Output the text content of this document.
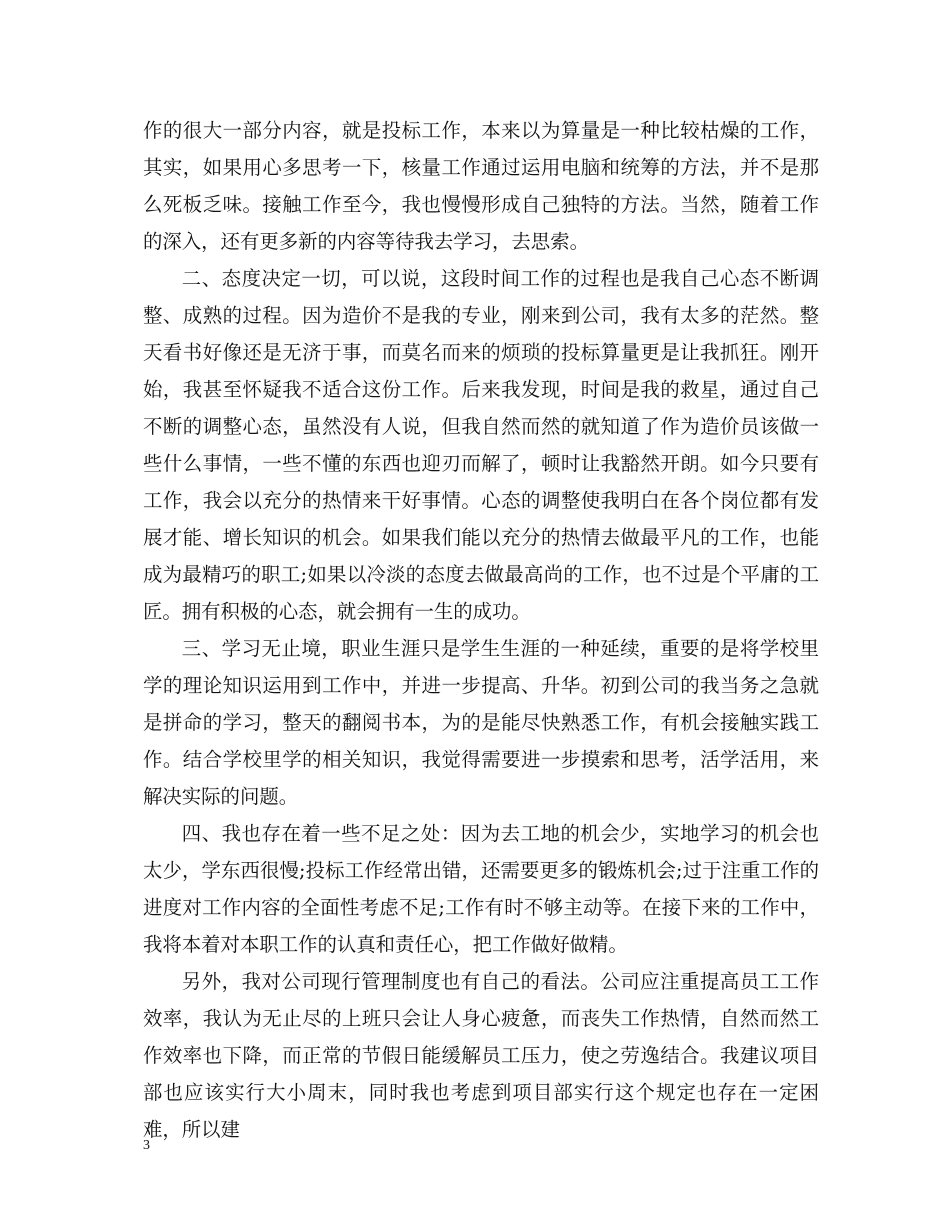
作的很大一部分内容，就是投标工作，本来以为算量是一种比较枯燥的工作，其实，如果用心多思考一下，核量工作通过运用电脑和统筹的方法，并不是那么死板乏味。接触工作至今，我也慢慢形成自己独特的方法。当然，随着工作的深入，还有更多新的内容等待我去学习，去思索。

二、态度决定一切，可以说，这段时间工作的过程也是我自己心态不断调整、成熟的过程。因为造价不是我的专业，刚来到公司，我有太多的茫然。整天看书好像还是无济于事，而莫名而来的烦琐的投标算量更是让我抓狂。刚开始，我甚至怀疑我不适合这份工作。后来我发现，时间是我的救星，通过自己不断的调整心态，虽然没有人说，但我自然而然的就知道了作为造价员该做一些什么事情，一些不懂的东西也迎刃而解了，顿时让我豁然开朗。如今只要有工作，我会以充分的热情来干好事情。心态的调整使我明白在各个岗位都有发展才能、增长知识的机会。如果我们能以充分的热情去做最平凡的工作，也能成为最精巧的职工;如果以冷淡的态度去做最高尚的工作，也不过是个平庸的工匠。拥有积极的心态，就会拥有一生的成功。

三、学习无止境，职业生涯只是学生生涯的一种延续，重要的是将学校里学的理论知识运用到工作中，并进一步提高、升华。初到公司的我当务之急就是拼命的学习，整天的翻阅书本，为的是能尽快熟悉工作，有机会接触实践工作。结合学校里学的相关知识，我觉得需要进一步摸索和思考，活学活用，来解决实际的问题。

四、我也存在着一些不足之处：因为去工地的机会少，实地学习的机会也太少，学东西很慢;投标工作经常出错，还需要更多的锻炼机会;过于注重工作的进度对工作内容的全面性考虑不足;工作有时不够主动等。在接下来的工作中，我将本着对本职工作的认真和责任心，把工作做好做精。

另外，我对公司现行管理制度也有自己的看法。公司应注重提高员工工作效率，我认为无止尽的上班只会让人身心疲惫，而丧失工作热情，自然而然工作效率也下降，而正常的节假日能缓解员工压力，使之劳逸结合。我建议项目部也应该实行大小周末，同时我也考虑到项目部实行这个规定也存在一定困难，所以建

3
